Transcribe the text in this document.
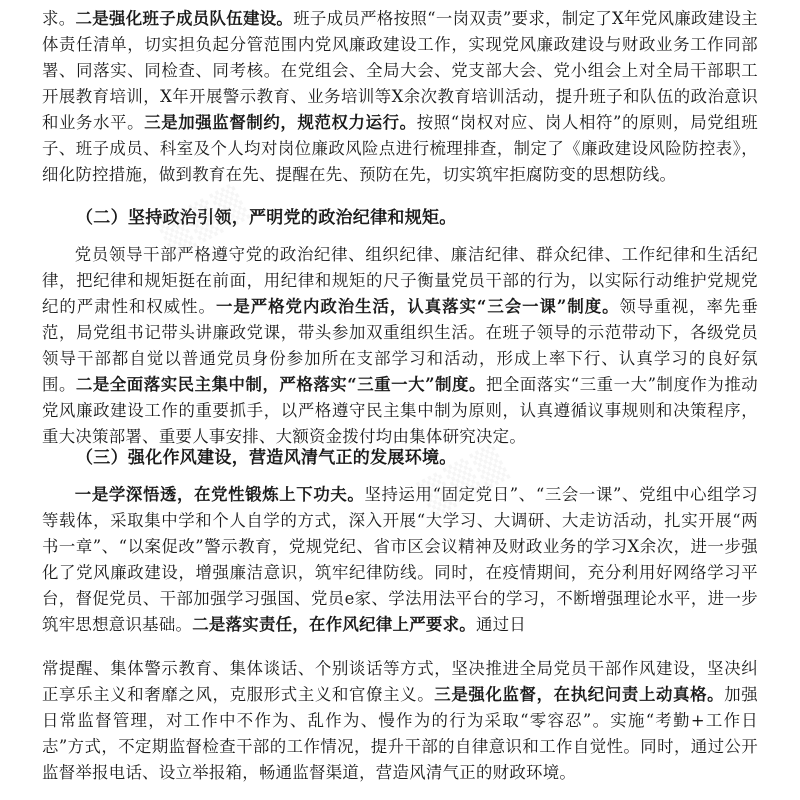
求。二是强化班子成员队伍建设。班子成员严格按照“一岗双责”要求，制定了X年党风廉政建设主体责任清单，切实担负起分管范围内党风廉政建设工作，实现党风廉政建设与财政业务工作同部署、同落实、同检查、同考核。在党组会、全局大会、党支部大会、党小组会上对全局干部职工开展教育培训，X年开展警示教育、业务培训等X余次教育培训活动，提升班子和队伍的政治意识和业务水平。三是加强监督制约，规范权力运行。按照“岗权对应、岗人相符”的原则，局党组班子、班子成员、科室及个人均对岗位廉政风险点进行梳理排查，制定了《廉政建设风险防控表》，细化防控措施，做到教育在先、提醒在先、预防在先，切实筑牢拒腐防变的思想防线。

（二）坚持政治引领，严明党的政治纪律和规矩。

党员领导干部严格遵守党的政治纪律、组织纪律、廉洁纪律、群众纪律、工作纪律和生活纪律，把纪律和规矩挺在前面，用纪律和规矩的尺子衡量党员干部的行为，以实际行动维护党规党纪的严肃性和权威性。一是严格党内政治生活，认真落实“三会一课”制度。领导重视，率先垂范，局党组书记带头讲廉政党课，带头参加双重组织生活。在班子领导的示范带动下，各级党员领导干部都自觉以普通党员身份参加所在支部学习和活动，形成上率下行、认真学习的良好氛围。二是全面落实民主集中制，严格落实“三重一大”制度。把全面落实“三重一大”制度作为推动党风廉政建设工作的重要抓手，以严格遵守民主集中制为原则，认真遵循议事规则和决策程序，重大决策部署、重要人事安排、大额资金拨付均由集体研究决定。

（三）强化作风建设，营造风清气正的发展环境。

一是学深悟透，在党性锻炼上下功夫。坚持运用“固定党日”、“三会一课”、党组中心组学习等载体，采取集中学和个人自学的方式，深入开展“大学习、大调研、大走访活动，扎实开展“两书一章”、“以案促改”警示教育，党规党纪、省市区会议精神及财政业务的学习X余次，进一步强化了党风廉政建设，增强廉洁意识，筑牢纪律防线。同时，在疫情期间，充分利用好网络学习平台，督促党员、干部加强学习强国、党员e家、学法用法平台的学习，不断增强理论水平，进一步筑牢思想意识基础。二是落实责任，在作风纪律上严要求。通过日

常提醒、集体警示教育、集体谈话、个别谈话等方式，坚决推进全局党员干部作风建设，坚决纠正享乐主义和奢靡之风，克服形式主义和官僚主义。三是强化监督，在执纪问责上动真格。加强日常监督管理，对工作中不作为、乱作为、慢作为的行为采取“零容忍”。实施“考勤+工作日志”方式，不定期监督检查干部的工作情况，提升干部的自律意识和工作自觉性。同时，通过公开监督举报电话、设立举报箱，畅通监督渠道，营造风清气正的财政环境。

▒▒▒
▒▒▒
